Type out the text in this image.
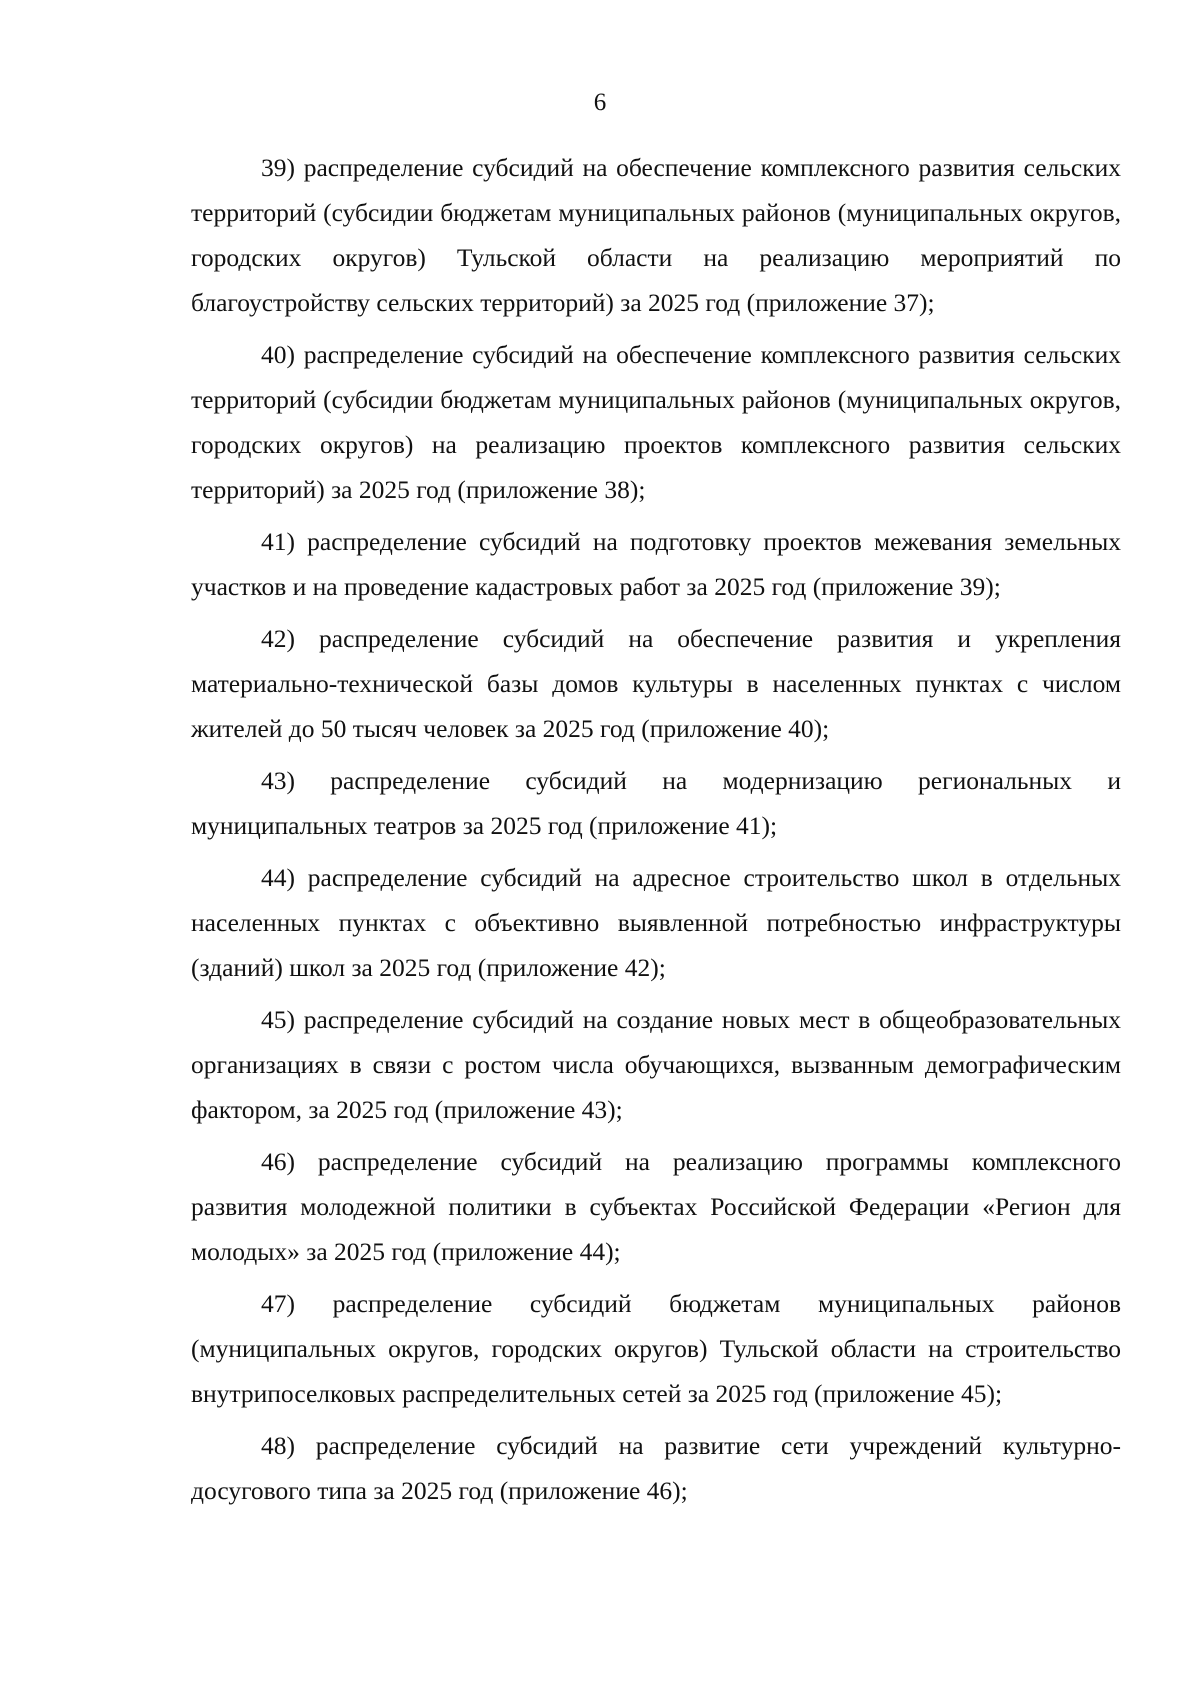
6

39) распределение субсидий на обеспечение комплексного развития сельских территорий (субсидии бюджетам муниципальных районов (муниципальных округов, городских округов) Тульской области на реализацию мероприятий по благоустройству сельских территорий) за 2025 год (приложение 37);

40) распределение субсидий на обеспечение комплексного развития сельских территорий (субсидии бюджетам муниципальных районов (муниципальных округов, городских округов) на реализацию проектов комплексного развития сельских территорий) за 2025 год (приложение 38);

41) распределение субсидий на подготовку проектов межевания земельных участков и на проведение кадастровых работ за 2025 год (приложение 39);

42) распределение субсидий на обеспечение развития и укрепления материально-технической базы домов культуры в населенных пунктах с числом жителей до 50 тысяч человек за 2025 год (приложение 40);

43) распределение субсидий на модернизацию региональных и муниципальных театров за 2025 год (приложение 41);

44) распределение субсидий на адресное строительство школ в отдельных населенных пунктах с объективно выявленной потребностью инфраструктуры (зданий) школ за 2025 год (приложение 42);

45) распределение субсидий на создание новых мест в общеобразовательных организациях в связи с ростом числа обучающихся, вызванным демографическим фактором, за 2025 год (приложение 43);

46) распределение субсидий на реализацию программы комплексного развития молодежной политики в субъектах Российской Федерации «Регион для молодых» за 2025 год (приложение 44);

47) распределение субсидий бюджетам муниципальных районов (муниципальных округов, городских округов) Тульской области на строительство внутрипоселковых распределительных сетей за 2025 год (приложение 45);

48) распределение субсидий на развитие сети учреждений культурно-досугового типа за 2025 год (приложение 46);
